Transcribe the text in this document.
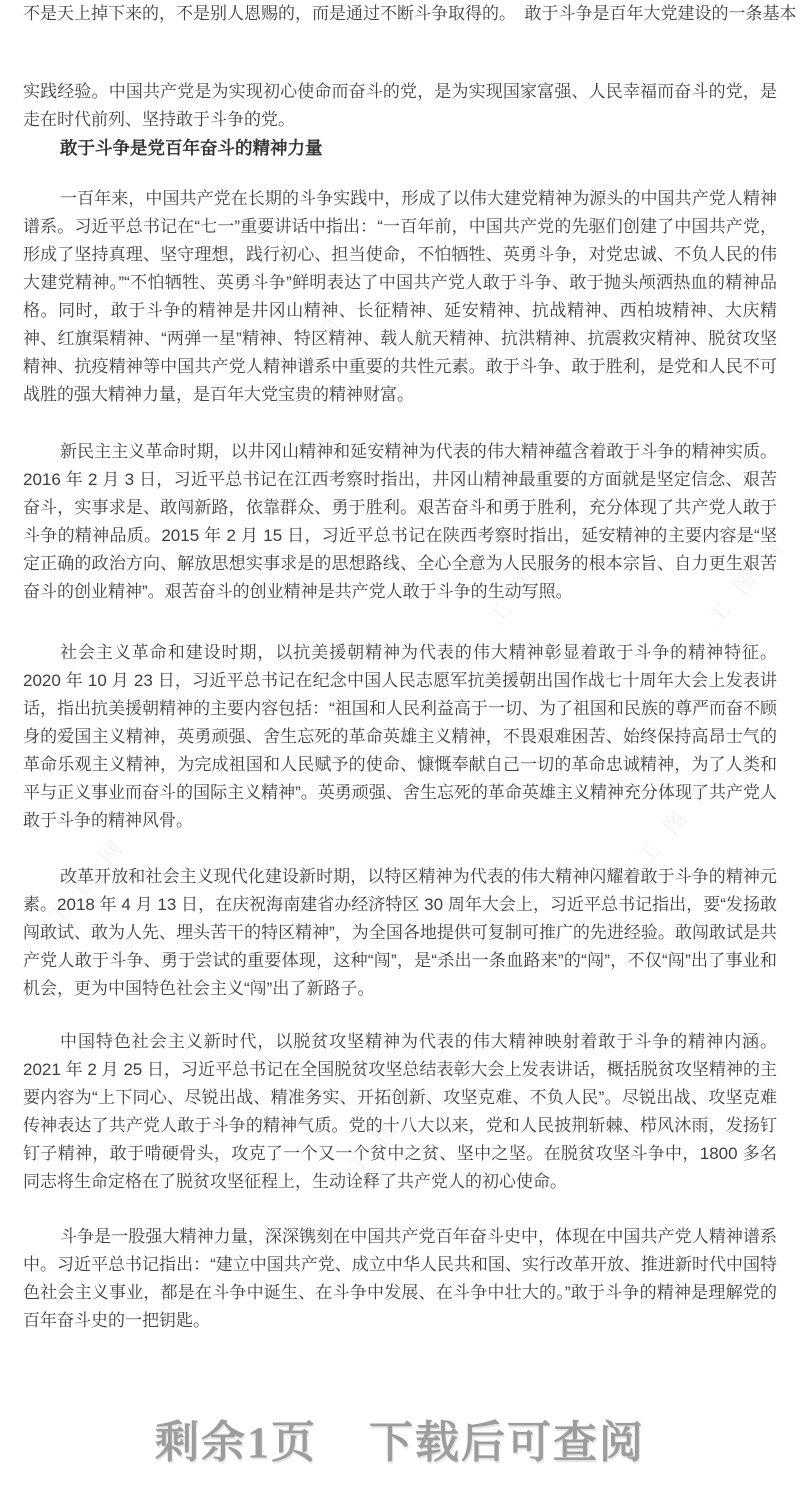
工图网	工图网
工图网
工图网
工图网
工图网

不是天上掉下来的，不是别人恩赐的，而是通过不断斗争取得的。　敢于斗争是百年大党建设的一条基本

实践经验。中国共产党是为实现初心使命而奋斗的党，是为实现国家富强、人民幸福而奋斗的党，是走在时代前列、坚持敢于斗争的党。

敢于斗争是党百年奋斗的精神力量

一百年来，中国共产党在长期的斗争实践中，形成了以伟大建党精神为源头的中国共产党人精神谱系。习近平总书记在“七一”重要讲话中指出：“一百年前，中国共产党的先驱们创建了中国共产党，形成了坚持真理、坚守理想，践行初心、担当使命，不怕牺牲、英勇斗争，对党忠诚、不负人民的伟大建党精神。”“不怕牺牲、英勇斗争”鲜明表达了中国共产党人敢于斗争、敢于抛头颅洒热血的精神品格。同时，敢于斗争的精神是井冈山精神、长征精神、延安精神、抗战精神、西柏坡精神、大庆精神、红旗渠精神、“两弹一星”精神、特区精神、载人航天精神、抗洪精神、抗震救灾精神、脱贫攻坚精神、抗疫精神等中国共产党人精神谱系中重要的共性元素。敢于斗争、敢于胜利，是党和人民不可战胜的强大精神力量，是百年大党宝贵的精神财富。

新民主主义革命时期，以井冈山精神和延安精神为代表的伟大精神蕴含着敢于斗争的精神实质。2016 年 2 月 3 日，习近平总书记在江西考察时指出，井冈山精神最重要的方面就是坚定信念、艰苦奋斗，实事求是、敢闯新路，依靠群众、勇于胜利。艰苦奋斗和勇于胜利，充分体现了共产党人敢于斗争的精神品质。2015 年 2 月 15 日，习近平总书记在陕西考察时指出，延安精神的主要内容是“坚定正确的政治方向、解放思想实事求是的思想路线、全心全意为人民服务的根本宗旨、自力更生艰苦奋斗的创业精神”。艰苦奋斗的创业精神是共产党人敢于斗争的生动写照。

社会主义革命和建设时期，以抗美援朝精神为代表的伟大精神彰显着敢于斗争的精神特征。2020 年 10 月 23 日，习近平总书记在纪念中国人民志愿军抗美援朝出国作战七十周年大会上发表讲话，指出抗美援朝精神的主要内容包括：“祖国和人民利益高于一切、为了祖国和民族的尊严而奋不顾身的爱国主义精神，英勇顽强、舍生忘死的革命英雄主义精神，不畏艰难困苦、始终保持高昂士气的革命乐观主义精神，为完成祖国和人民赋予的使命、慷慨奉献自己一切的革命忠诚精神，为了人类和平与正义事业而奋斗的国际主义精神”。英勇顽强、舍生忘死的革命英雄主义精神充分体现了共产党人敢于斗争的精神风骨。

改革开放和社会主义现代化建设新时期，以特区精神为代表的伟大精神闪耀着敢于斗争的精神元素。2018 年 4 月 13 日，在庆祝海南建省办经济特区 30 周年大会上，习近平总书记指出，要“发扬敢闯敢试、敢为人先、埋头苦干的特区精神”，为全国各地提供可复制可推广的先进经验。敢闯敢试是共产党人敢于斗争、勇于尝试的重要体现，这种“闯”，是“杀出一条血路来”的“闯”，不仅“闯”出了事业和机会，更为中国特色社会主义“闯”出了新路子。

中国特色社会主义新时代，以脱贫攻坚精神为代表的伟大精神映射着敢于斗争的精神内涵。2021 年 2 月 25 日，习近平总书记在全国脱贫攻坚总结表彰大会上发表讲话，概括脱贫攻坚精神的主要内容为“上下同心、尽锐出战、精准务实、开拓创新、攻坚克难、不负人民”。尽锐出战、攻坚克难传神表达了共产党人敢于斗争的精神气质。党的十八大以来，党和人民披荆斩棘、栉风沐雨，发扬钉钉子精神，敢于啃硬骨头，攻克了一个又一个贫中之贫、坚中之坚。在脱贫攻坚斗争中，1800 多名同志将生命定格在了脱贫攻坚征程上，生动诠释了共产党人的初心使命。

斗争是一股强大精神力量，深深镌刻在中国共产党百年奋斗史中，体现在中国共产党人精神谱系中。习近平总书记指出：“建立中国共产党、成立中华人民共和国、实行改革开放、推进新时代中国特色社会主义事业，都是在斗争中诞生、在斗争中发展、在斗争中壮大的。”敢于斗争的精神是理解党的百年奋斗史的一把钥匙。

剩余1页 下载后可查阅
